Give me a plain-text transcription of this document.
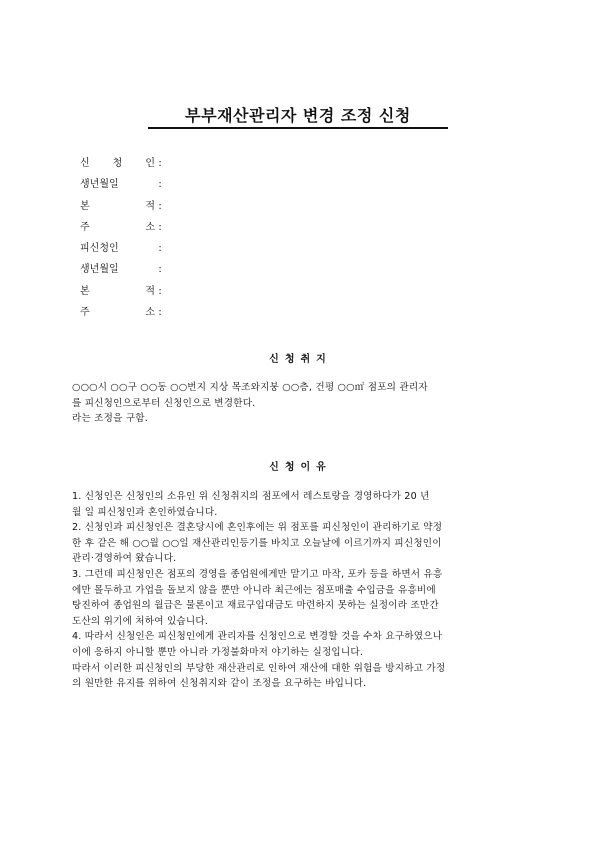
부부재산관리자 변경 조정 신청
신 청 인 :
생년월일	:
본 적 :
주 소 :
피신청인	:
생년월일	:
본 적 :
주 소 :
신청취지
○○○시 ○○구 ○○동 ○○번지 지상 목조와지붕 ○○층, 건평 ○○㎡ 점포의 관리자
를 피신청인으로부터 신청인으로 변경한다.
라는 조정을 구함.
신청이유
1. 신청인은 신청인의 소유인 위 신청취지의 점포에서 레스토랑을 경영하다가 20 년
월 일 피신청인과 혼인하였습니다.
2. 신청인과 피신청인은 결혼당시에 혼인후에는 위 점포를 피신청인이 관리하기로 약정
한 후 같은 해 ○○월 ○○일 재산관리인등기를 바치고 오늘날에 이르기까지 피신청인이
관리·경영하여 왔습니다.
3. 그런데 피신청인은 점포의 경영을 종업원에게만 맡기고 마작, 포카 등을 하면서 유흥
에만 몰두하고 가업을 돌보지 않을 뿐만 아니라 최근에는 점포매출 수입금을 유흥비에
탕진하여 종업원의 월급은 물론이고 재료구입대금도 마련하지 못하는 실정이라 조만간
도산의 위기에 처하여 있습니다.
4. 따라서 신청인은 피신청인에게 관리자를 신청인으로 변경할 것을 수차 요구하였으나
이에 응하지 아니할 뿐만 아니라 가정불화마저 야기하는 실정입니다.
따라서 이러한 피신청인의 부당한 재산관리로 인하여 재산에 대한 위험을 방지하고 가정
의 원만한 유지를 위하여 신청취지와 같이 조정을 요구하는 바입니다.
